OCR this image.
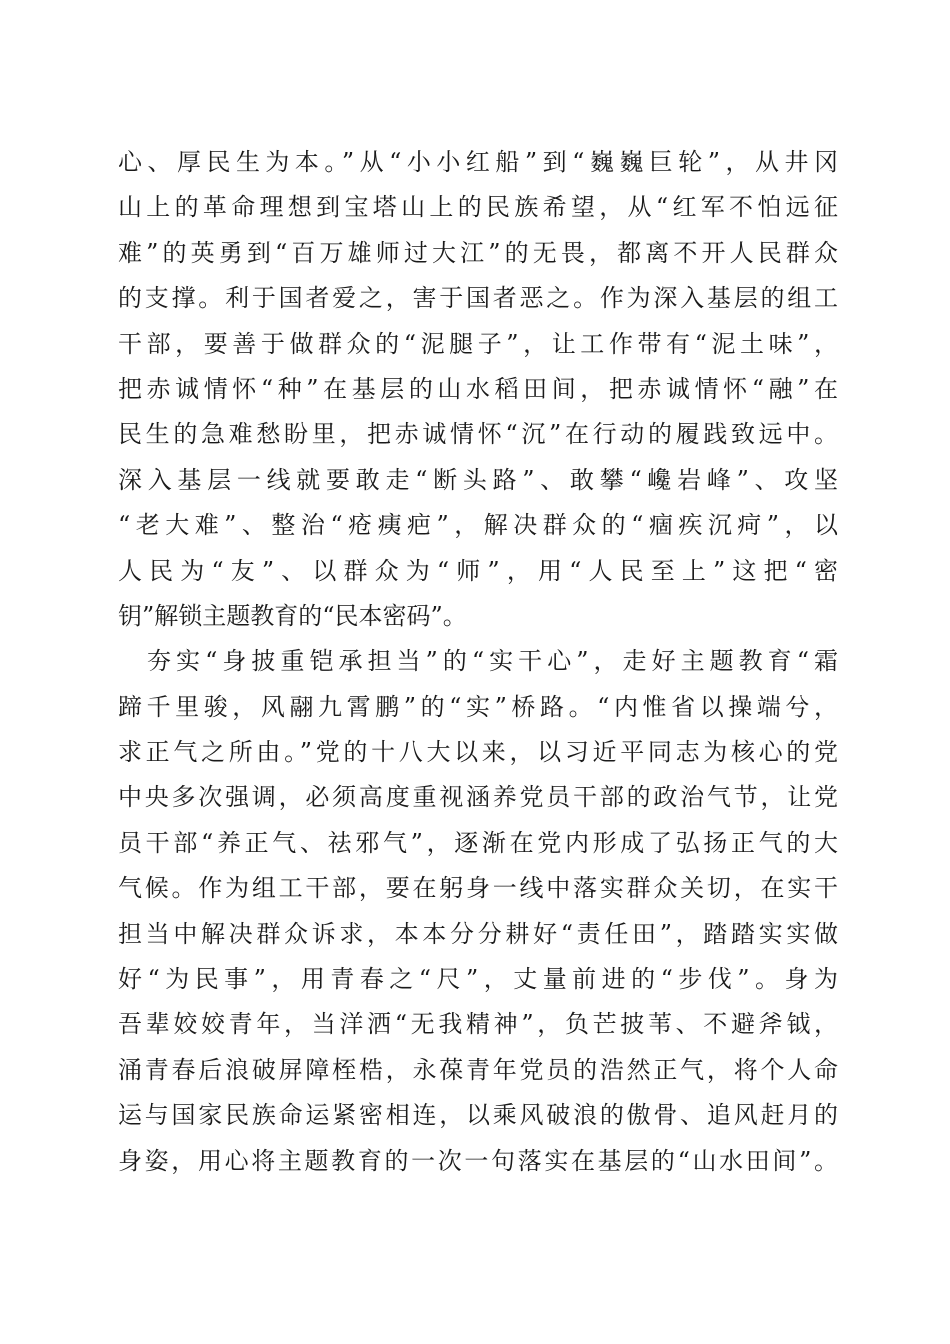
心、厚民生为本。”从“小小红船”到“巍巍巨轮”，从井冈
山上的革命理想到宝塔山上的民族希望，从“红军不怕远征
难”的英勇到“百万雄师过大江”的无畏，都离不开人民群众
的支撑。利于国者爱之，害于国者恶之。作为深入基层的组工
干部，要善于做群众的“泥腿子”，让工作带有“泥土味”，
把赤诚情怀“种”在基层的山水稻田间，把赤诚情怀“融”在
民生的急难愁盼里，把赤诚情怀“沉”在行动的履践致远中。
深入基层一线就要敢走“断头路”、敢攀“巉岩峰”、攻坚
“老大难”、整治“疮痍疤”，解决群众的“痼疾沉疴”，以
人民为“友”、以群众为“师”，用“人民至上”这把“密
钥”解锁主题教育的“民本密码”。
　夯实“身披重铠承担当”的“实干心”，走好主题教育“霜
蹄千里骏，风翮九霄鹏”的“实”桥路。“内惟省以操端兮，
求正气之所由。”党的十八大以来，以习近平同志为核心的党
中央多次强调，必须高度重视涵养党员干部的政治气节，让党
员干部“养正气、祛邪气”，逐渐在党内形成了弘扬正气的大
气候。作为组工干部，要在躬身一线中落实群众关切，在实干
担当中解决群众诉求，本本分分耕好“责任田”，踏踏实实做
好“为民事”，用青春之“尺”，丈量前进的“步伐”。身为
吾辈姣姣青年，当洋洒“无我精神”，负芒披苇、不避斧钺，
涌青春后浪破屏障桎梏，永葆青年党员的浩然正气，将个人命
运与国家民族命运紧密相连，以乘风破浪的傲骨、追风赶月的
身姿，用心将主题教育的一次一句落实在基层的“山水田间”。
